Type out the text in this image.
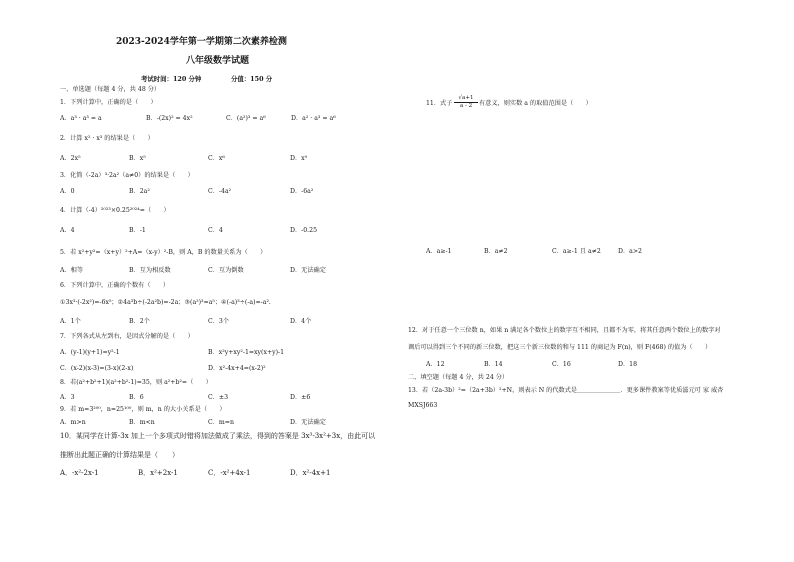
2023-2024学年第一学期第二次素养检测
八年级数学试题
考试时间：120 分钟	分值：150 分
一、单选题（每题 4 分，共 48 分）
1．下列计算中，正确的是（　　）
A．a³ · a³ = a	B．-(2x)² = 4x²	C．(a²)³ = a⁶	D．a² · a³ = a⁶
2．计算 x² · x³ 的结果是（　　）
A．2x⁵	B．x⁵	C．x⁶	D．x⁹
3．化简（-2a）³·2a²（a≠0）的结果是（　　）
A．0	B．2a²	C．-4a²	D．-6a²
4．计算（-4）²⁰²³×0.25²⁰²⁴=（　　）
A．4	B．-1	C．4	D．-0.25
5．若 x²+y²=（x+y）²+A=（x-y）²-B，则 A，B 的数量关系为（　　）
A．相等	B．互为相反数	C．互为倒数	D．无法确定
6．下列计算中，正确的个数有（　　）
①3x³·(-2x²)=-6x⁵；②4a³b÷(-2a²b)=-2a；③(a²)³=a⁵；④(-a)³÷(-a)=-a².
A．1个	B．2个	C．3个	D．4个
7．下列各式从左到右，是因式分解的是（　　）
A．(y-1)(y+1)=y²-1	B．x²y+xy²-1=xy(x+y)-1
C．(x-2)(x-3)=(3-x)(2-x)	D．x²-4x+4=(x-2)²
8．若(a²+b²+1)(a²+b²-1)=35，则 a²+b²=（　　）
A．3	B．6	C．±3	D．±6
9．若 m=3²⁰⁰，n=25¹⁰⁰，则 m，n 的大小关系是（　　）
A．m>n	B．m<n	C．m=n	D．无法确定
10．某同学在计算-3x 加上一个多项式时错将加法做成了乘法，得到的答案是 3x³-3x²+3x，由此可以
推断出此题正确的计算结果是（　　）
A．-x²-2x-1	B．x²+2x-1	C．-x²+4x-1	D．x²-4x+1
11．式子 $\frac{√a+1}{a - 2}$ 有意义，则实数 a 的取值范围是（　　）
A．a≥-1	B．a≠2	C．a≥-1 且 a≠2	D．a>2
12．对于任意一个三位数 n，如果 n 满足各个数位上的数字互不相同，且都不为零，将其任意两个数位上的数字对
调后可以得到三个不同的新三位数，把这三个新三位数的和与 111 的商记为 F(n)，则 F(468) 的值为（　　）
A．12	B．14	C．16	D．18
二、填空题（每题 4 分，共 24 分）
13．若（2a-3b）²=（2a+3b）²+N，则表示 N 的代数式是＿＿＿＿＿＿＿．更多课件教案等优质滋元可 家 威杏
MXSJ663
